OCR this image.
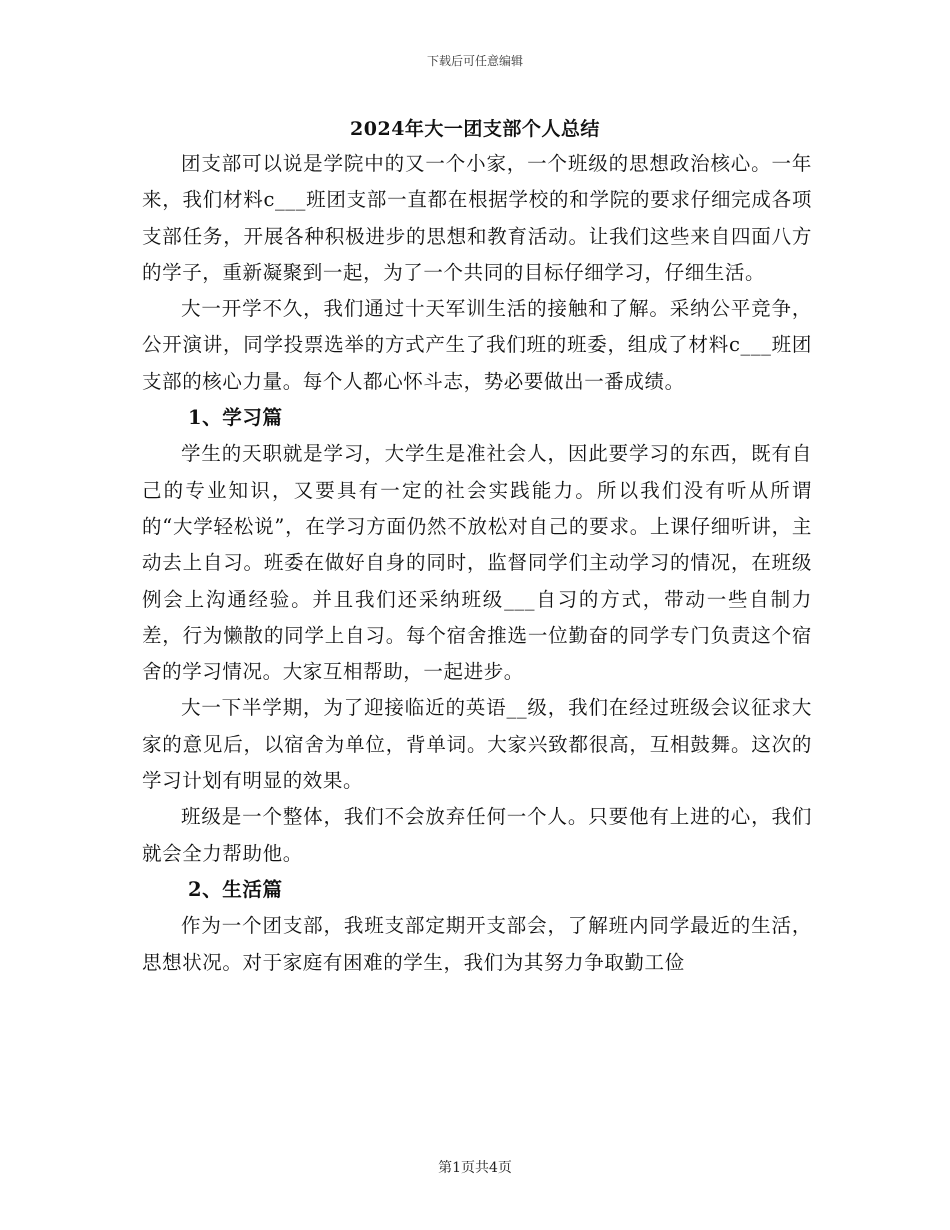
下载后可任意编辑
2024年大一团支部个人总结

团支部可以说是学院中的又一个小家，一个班级的思想政治核心。一年来，我们材料c___班团支部一直都在根据学校的和学院的要求仔细完成各项支部任务，开展各种积极进步的思想和教育活动。让我们这些来自四面八方的学子，重新凝聚到一起，为了一个共同的目标仔细学习，仔细生活。

大一开学不久，我们通过十天军训生活的接触和了解。采纳公平竞争，公开演讲，同学投票选举的方式产生了我们班的班委，组成了材料c___班团支部的核心力量。每个人都心怀斗志，势必要做出一番成绩。

1、学习篇

学生的天职就是学习，大学生是准社会人，因此要学习的东西，既有自己的专业知识，又要具有一定的社会实践能力。所以我们没有听从所谓的“大学轻松说”，在学习方面仍然不放松对自己的要求。上课仔细听讲，主动去上自习。班委在做好自身的同时，监督同学们主动学习的情况，在班级例会上沟通经验。并且我们还采纳班级___自习的方式，带动一些自制力差，行为懒散的同学上自习。每个宿舍推选一位勤奋的同学专门负责这个宿舍的学习情况。大家互相帮助，一起进步。

大一下半学期，为了迎接临近的英语__级，我们在经过班级会议征求大家的意见后，以宿舍为单位，背单词。大家兴致都很高，互相鼓舞。这次的学习计划有明显的效果。

班级是一个整体，我们不会放弃任何一个人。只要他有上进的心，我们就会全力帮助他。

2、生活篇

作为一个团支部，我班支部定期开支部会，了解班内同学最近的生活，思想状况。对于家庭有困难的学生，我们为其努力争取勤工俭

第1页共4页
